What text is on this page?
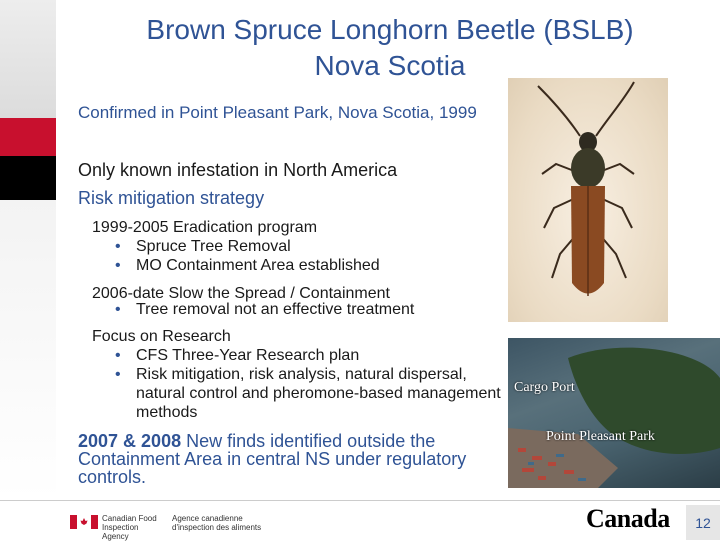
Brown Spruce Longhorn Beetle (BSLB)
Nova Scotia
Confirmed in Point Pleasant Park, Nova Scotia, 1999
Only known infestation in North America
Risk mitigation strategy
1999-2005 Eradication program
• Spruce Tree Removal
• MO Containment Area established
2006-date Slow the Spread / Containment
• Tree removal not an effective treatment
Focus on Research
• CFS Three-Year Research plan
• Risk mitigation, risk analysis, natural dispersal, natural control and pheromone-based management methods
2007 & 2008 New finds identified outside the Containment Area in central NS under regulatory controls.
Cargo Port
Point Pleasant Park
Canadian Food Inspection Agency
Agence canadienne d'inspection des aliments	Canada	12
